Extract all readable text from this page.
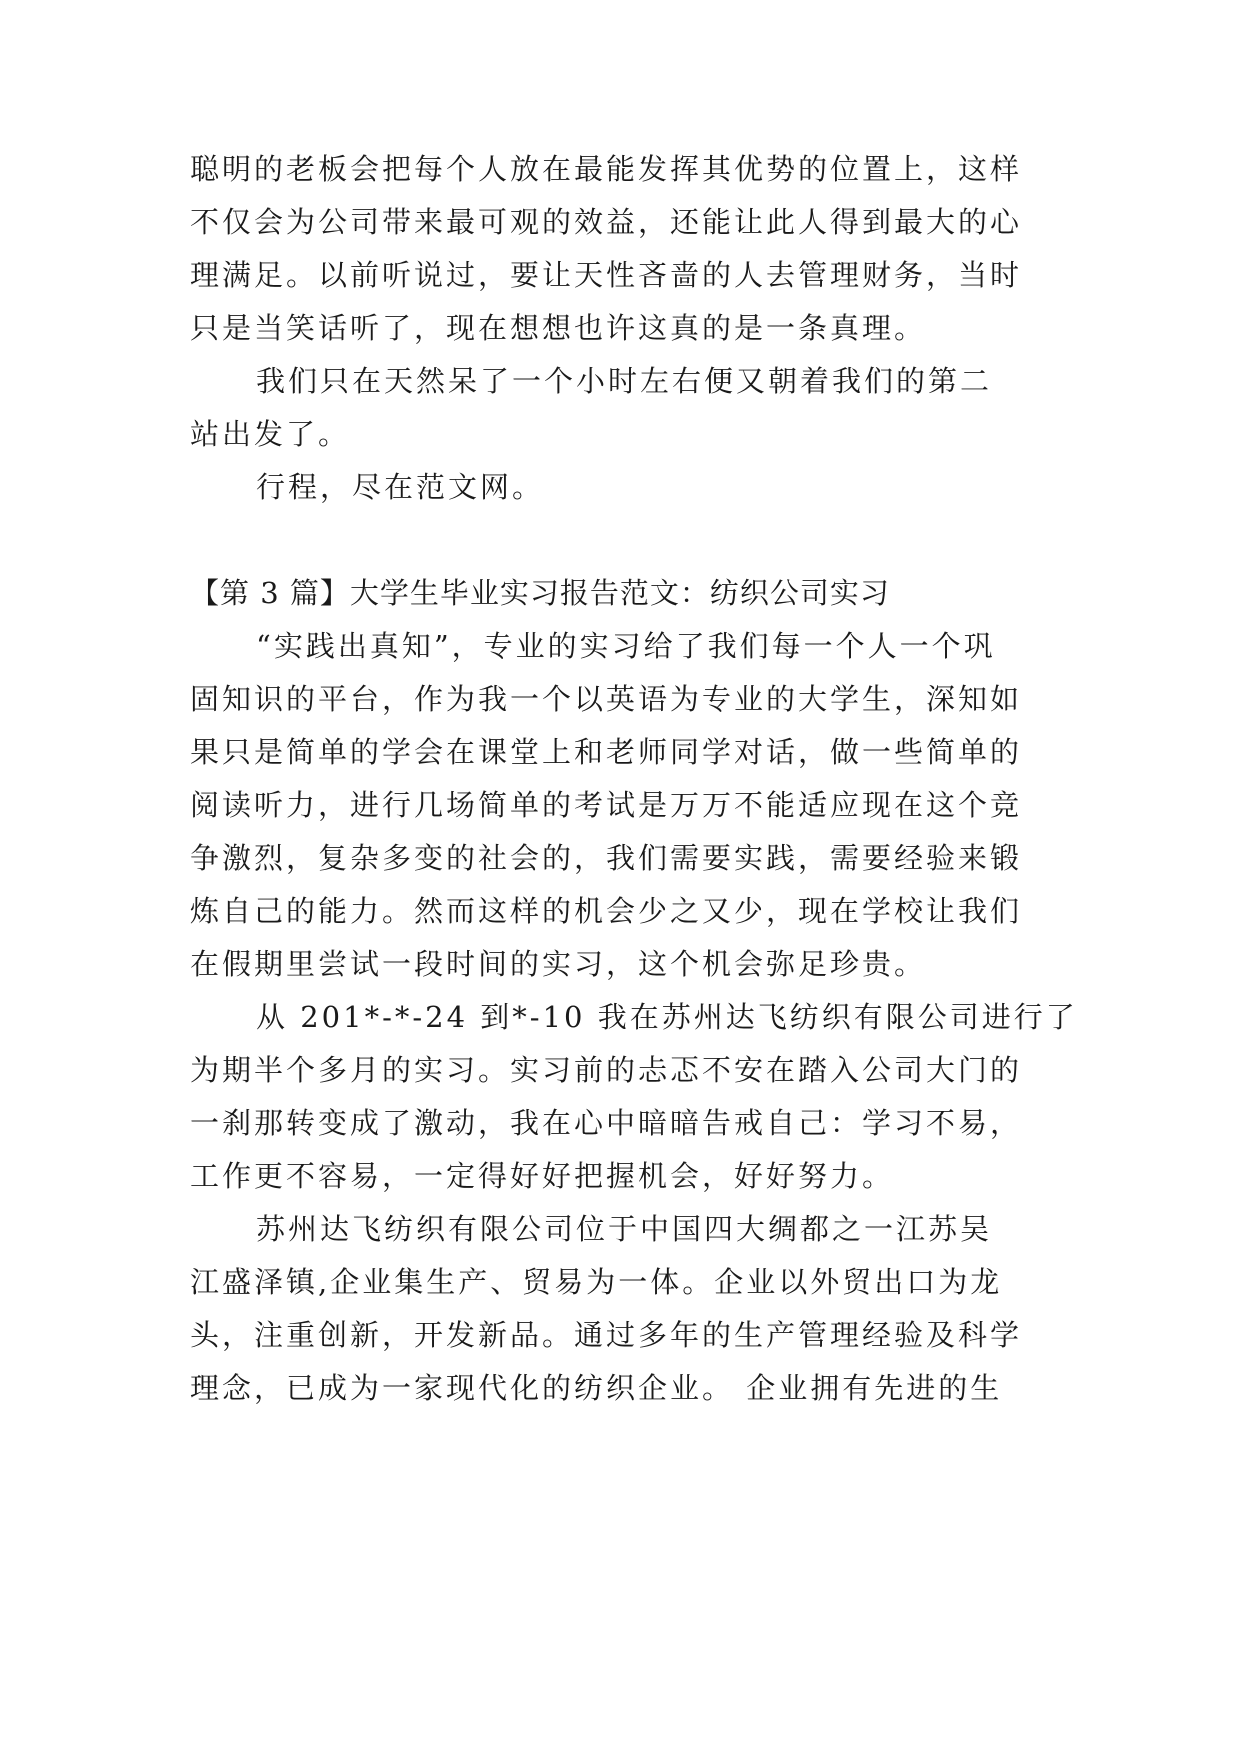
聪明的老板会把每个人放在最能发挥其优势的位置上，这样
不仅会为公司带来最可观的效益，还能让此人得到最大的心
理满足。以前听说过，要让天性吝啬的人去管理财务，当时
只是当笑话听了，现在想想也许这真的是一条真理。
我们只在天然呆了一个小时左右便又朝着我们的第二
站出发了。
行程，尽在范文网。
【第 3 篇】大学生毕业实习报告范文：纺织公司实习
“实践出真知”，专业的实习给了我们每一个人一个巩
固知识的平台，作为我一个以英语为专业的大学生，深知如
果只是简单的学会在课堂上和老师同学对话，做一些简单的
阅读听力，进行几场简单的考试是万万不能适应现在这个竞
争激烈，复杂多变的社会的，我们需要实践，需要经验来锻
炼自己的能力。然而这样的机会少之又少，现在学校让我们
在假期里尝试一段时间的实习，这个机会弥足珍贵。
从 201*-*-24 到*-10 我在苏州达飞纺织有限公司进行了
为期半个多月的实习。实习前的忐忑不安在踏入公司大门的
一刹那转变成了激动，我在心中暗暗告戒自己：学习不易，
工作更不容易，一定得好好把握机会，好好努力。
苏州达飞纺织有限公司位于中国四大绸都之一江苏吴
江盛泽镇,企业集生产、贸易为一体。企业以外贸出口为龙
头，注重创新，开发新品。通过多年的生产管理经验及科学
理念，已成为一家现代化的纺织企业。 企业拥有先进的生
